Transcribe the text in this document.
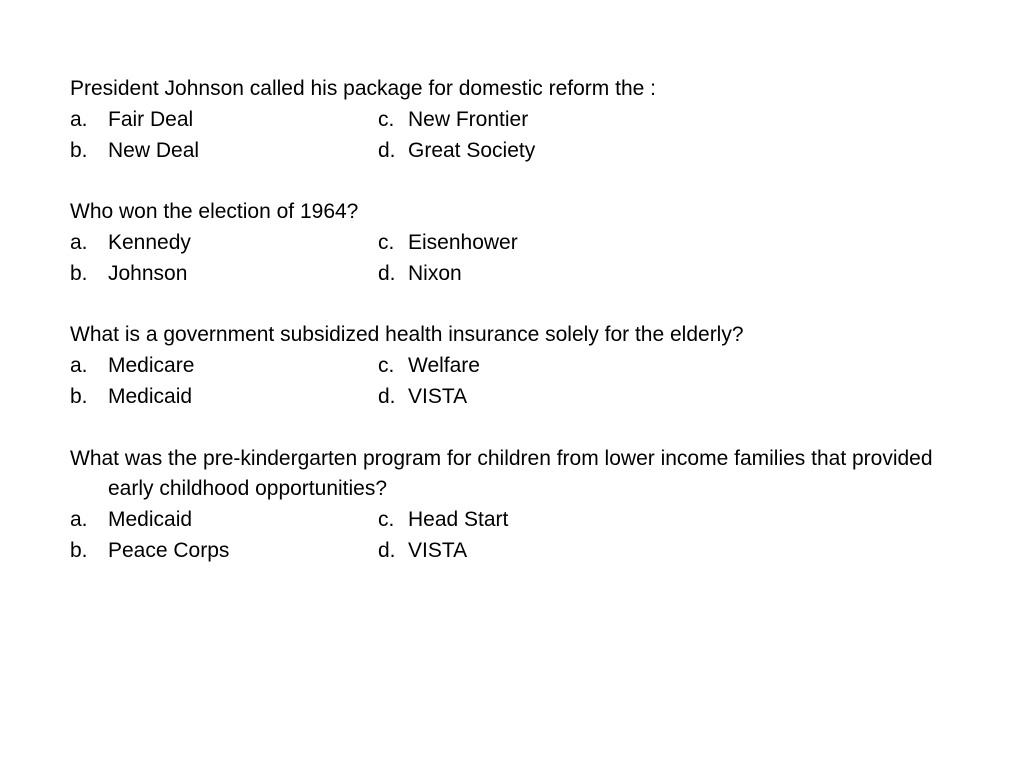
President Johnson called his package for domestic reform the :
a. Fair Deal	c. New Frontier
b. New Deal	d. Great Society
Who won the election of 1964?
a. Kennedy	c. Eisenhower
b. Johnson	d. Nixon
What is a government subsidized health insurance solely for the elderly?
a. Medicare	c. Welfare
b. Medicaid	d. VISTA
What was the pre-kindergarten program for children from lower income families that provided early childhood opportunities?
a. Medicaid	c. Head Start
b. Peace Corps	d. VISTA
